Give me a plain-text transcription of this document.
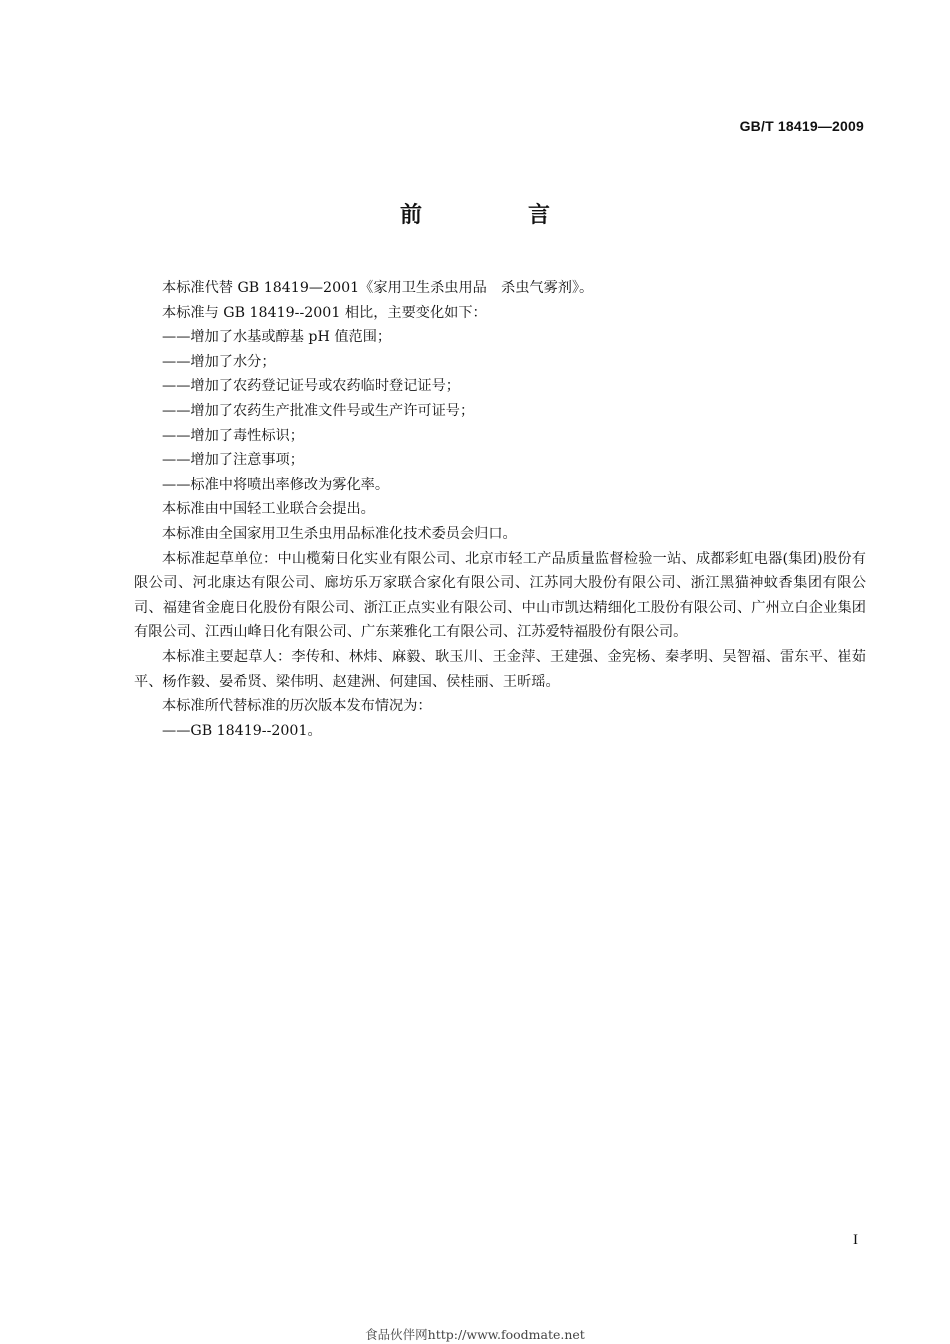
GB/T 18419—2009
前　言

本标准代替 GB 18419—2001《家用卫生杀虫用品　杀虫气雾剂》。

本标准与 GB 18419--2001 相比，主要变化如下：

——增加了水基或醇基 pH 值范围；

——增加了水分；

——增加了农药登记证号或农药临时登记证号；

——增加了农药生产批准文件号或生产许可证号；

——增加了毒性标识；

——增加了注意事项；

——标准中将喷出率修改为雾化率。

本标准由中国轻工业联合会提出。

本标准由全国家用卫生杀虫用品标准化技术委员会归口。

本标准起草单位：中山榄菊日化实业有限公司、北京市轻工产品质量监督检验一站、成都彩虹电器(集团)股份有限公司、河北康达有限公司、廊坊乐万家联合家化有限公司、江苏同大股份有限公司、浙江黑猫神蚊香集团有限公司、福建省金鹿日化股份有限公司、浙江正点实业有限公司、中山市凯达精细化工股份有限公司、广州立白企业集团有限公司、江西山峰日化有限公司、广东莱雅化工有限公司、江苏爱特福股份有限公司。

本标准主要起草人：李传和、林炜、麻毅、耿玉川、王金萍、王建强、金宪杨、秦孝明、吴智福、雷东平、崔茹平、杨作毅、晏希贤、梁伟明、赵建洲、何建国、侯桂丽、王昕瑶。

本标准所代替标准的历次版本发布情况为：

——GB 18419--2001。

I
食品伙伴网http://www.foodmate.net
